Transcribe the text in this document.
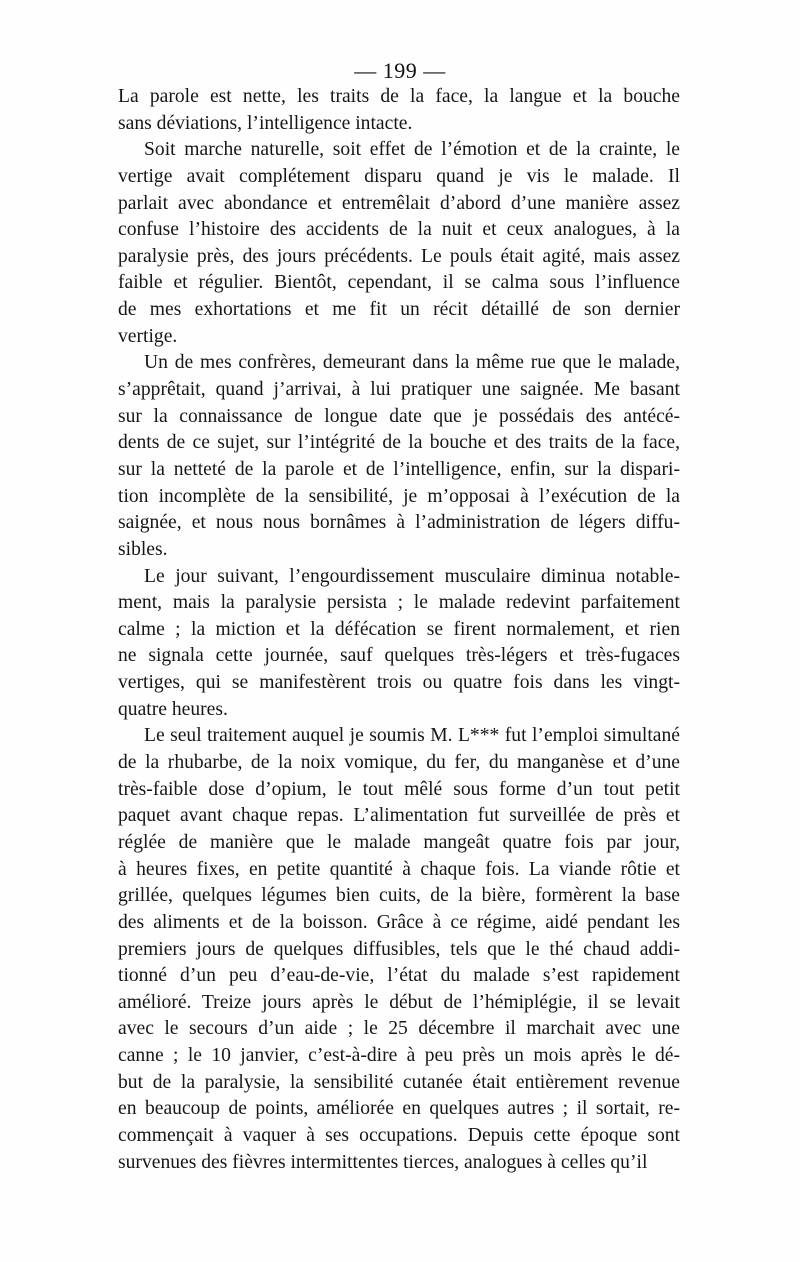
— 199 —
La parole est nette, les traits de la face, la langue et la bouche
sans déviations, l’intelligence intacte.
Soit marche naturelle, soit effet de l’émotion et de la crainte, le
vertige avait complétement disparu quand je vis le malade. Il
parlait avec abondance et entremêlait d’abord d’une manière assez
confuse l’histoire des accidents de la nuit et ceux analogues, à la
paralysie près, des jours précédents. Le pouls était agité, mais assez
faible et régulier. Bientôt, cependant, il se calma sous l’influence
de mes exhortations et me fit un récit détaillé de son dernier
vertige.
Un de mes confrères, demeurant dans la même rue que le malade,
s’apprêtait, quand j’arrivai, à lui pratiquer une saignée. Me basant
sur la connaissance de longue date que je possédais des antécé-
dents de ce sujet, sur l’intégrité de la bouche et des traits de la face,
sur la netteté de la parole et de l’intelligence, enfin, sur la dispari-
tion incomplète de la sensibilité, je m’opposai à l’exécution de la
saignée, et nous nous bornâmes à l’administration de légers diffu-
sibles.
Le jour suivant, l’engourdissement musculaire diminua notable-
ment, mais la paralysie persista ; le malade redevint parfaitement
calme ; la miction et la défécation se firent normalement, et rien
ne signala cette journée, sauf quelques très-légers et très-fugaces
vertiges, qui se manifestèrent trois ou quatre fois dans les vingt-
quatre heures.
Le seul traitement auquel je soumis M. L*** fut l’emploi simultané
de la rhubarbe, de la noix vomique, du fer, du manganèse et d’une
très-faible dose d’opium, le tout mêlé sous forme d’un tout petit
paquet avant chaque repas. L’alimentation fut surveillée de près et
réglée de manière que le malade mangeât quatre fois par jour,
à heures fixes, en petite quantité à chaque fois. La viande rôtie et
grillée, quelques légumes bien cuits, de la bière, formèrent la base
des aliments et de la boisson. Grâce à ce régime, aidé pendant les
premiers jours de quelques diffusibles, tels que le thé chaud addi-
tionné d’un peu d’eau-de-vie, l’état du malade s’est rapidement
amélioré. Treize jours après le début de l’hémiplégie, il se levait
avec le secours d’un aide ; le 25 décembre il marchait avec une
canne ; le 10 janvier, c’est-à-dire à peu près un mois après le dé-
but de la paralysie, la sensibilité cutanée était entièrement revenue
en beaucoup de points, améliorée en quelques autres ; il sortait, re-
commençait à vaquer à ses occupations. Depuis cette époque sont
survenues des fièvres intermittentes tierces, analogues à celles qu’il
